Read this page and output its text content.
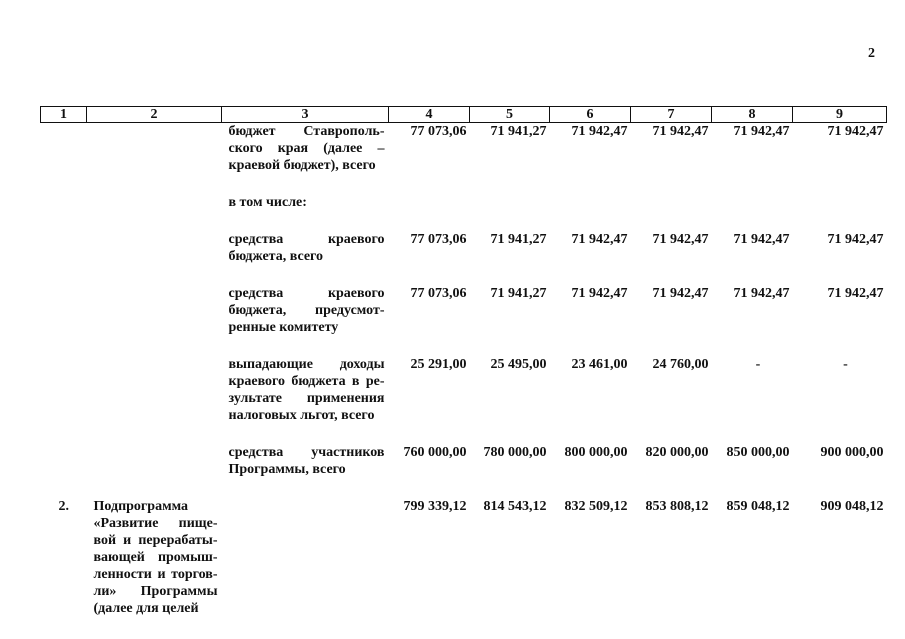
2
1	2	3	4	5	6	7	8	9
		бюджет Ставрополь-ского края (далее – краевой бюджет), всего	77 073,06	71 941,27	71 942,47	71 942,47	71 942,47	71 942,47

		в том числе:						

		средства краевого бюджета, всего	77 073,06	71 941,27	71 942,47	71 942,47	71 942,47	71 942,47

		средства краевого бюджета, предусмот-ренные комитету	77 073,06	71 941,27	71 942,47	71 942,47	71 942,47	71 942,47

		выпадающие доходы краевого бюджета в ре-зультате применения налоговых льгот, всего	25 291,00	25 495,00	23 461,00	24 760,00	-	-

		средства участников Программы, всего	760 000,00	780 000,00	800 000,00	820 000,00	850 000,00	900 000,00

2.	Подпрограмма «Развитие пище-вой и перерабаты-вающей промыш-ленности и торгов-ли» Программы (далее для целей		799 339,12	814 543,12	832 509,12	853 808,12	859 048,12	909 048,12
